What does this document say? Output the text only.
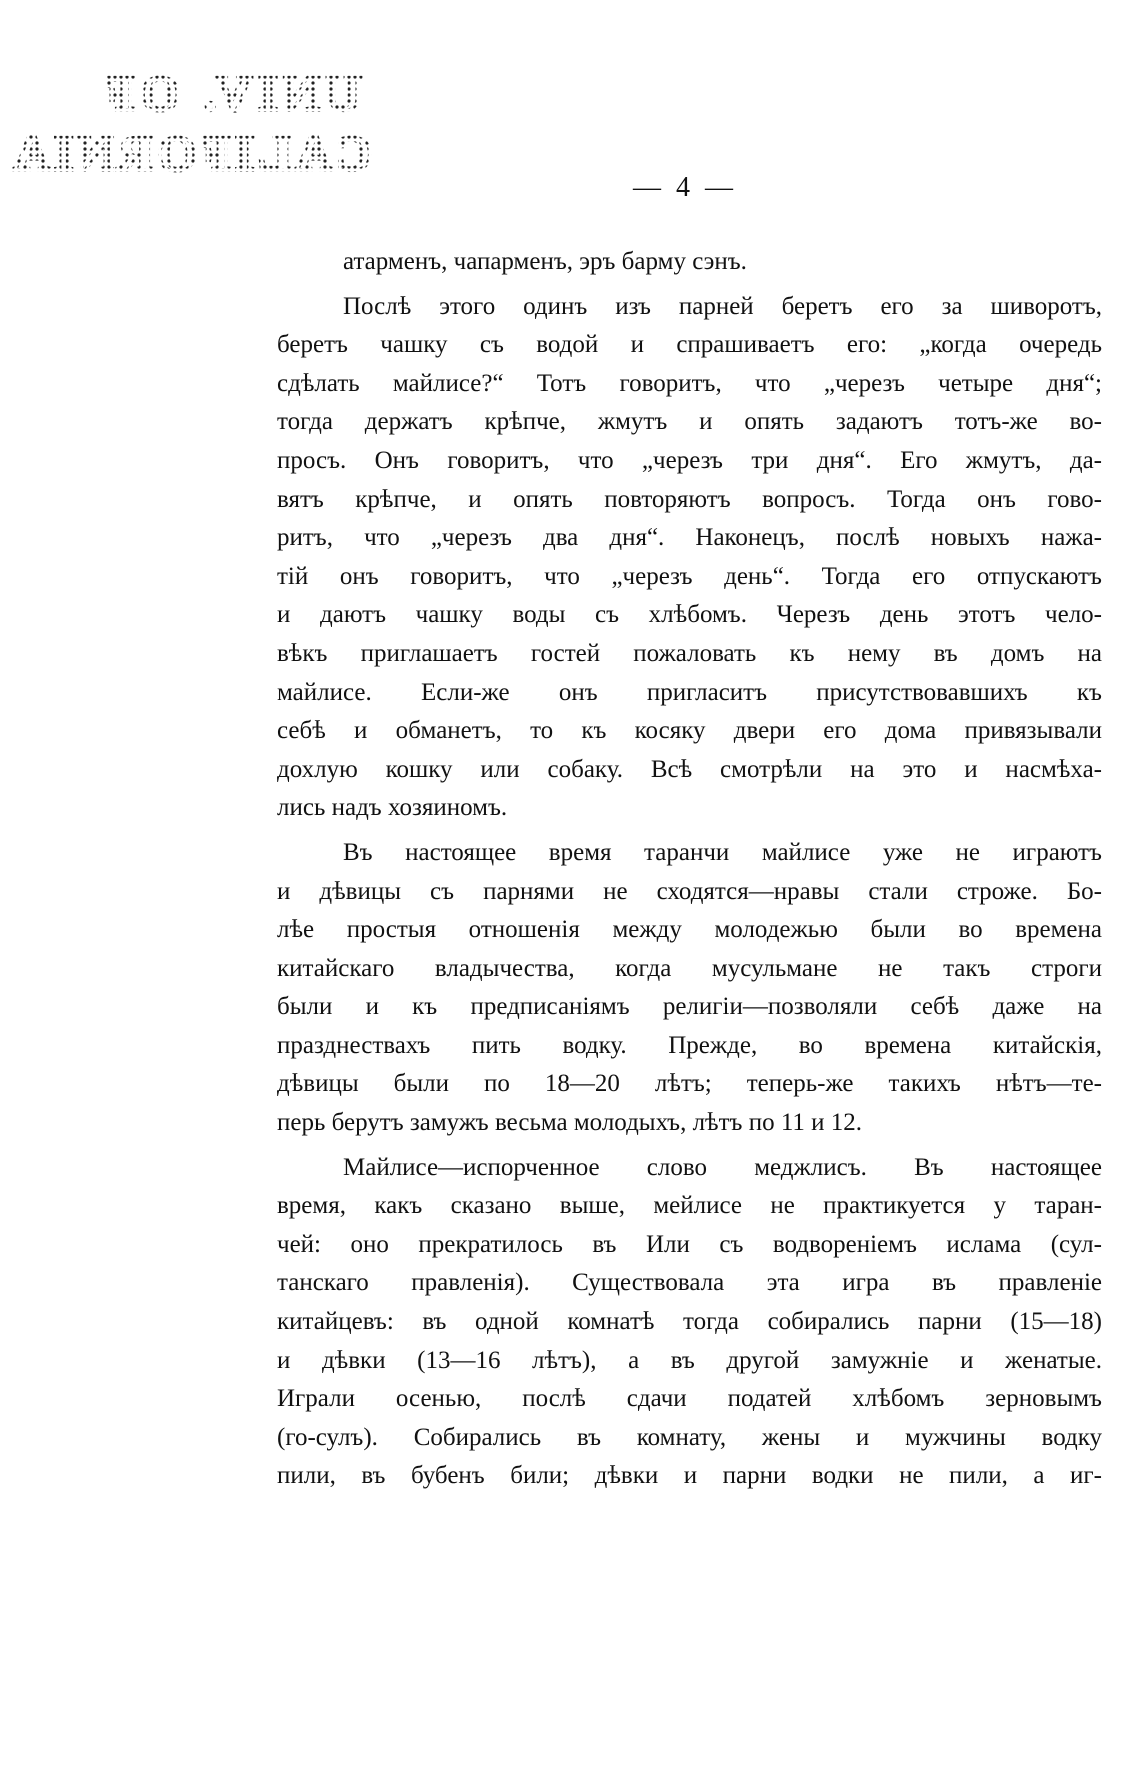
UNIV. OF
CALIFORNIA
— 4 —
атарменъ, чапарменъ, эръ барму сэнъ.
Послѣ этого одинъ изъ парней беретъ его за шиворотъ,
беретъ чашку съ водой и спрашиваетъ его: „когда очередь
сдѣлать майлисе?“ Тотъ говоритъ, что „черезъ четыре дня“;
тогда держатъ крѣпче, жмутъ и опять задаютъ тотъ-же во-
просъ. Онъ говоритъ, что „черезъ три дня“. Его жмутъ, да-
вятъ крѣпче, и опять повторяютъ вопросъ. Тогда онъ гово-
ритъ, что „черезъ два дня“. Наконецъ, послѣ новыхъ нажа-
тій онъ говоритъ, что „черезъ день“. Тогда его отпускаютъ
и даютъ чашку воды съ хлѣбомъ. Черезъ день этотъ чело-
вѣкъ приглашаетъ гостей пожаловать къ нему въ домъ на
майлисе. Если-же онъ пригласитъ присутствовавшихъ къ
себѣ и обманетъ, то къ косяку двери его дома привязывали
дохлую кошку или собаку. Всѣ смотрѣли на это и насмѣха-
лись надъ хозяиномъ.
Въ настоящее время таранчи майлисе уже не играютъ
и дѣвицы съ парнями не сходятся—нравы стали строже. Бо-
лѣе простыя отношенія между молодежью были во времена
китайскаго владычества, когда мусульмане не такъ строги
были и къ предписаніямъ религіи—позволяли себѣ даже на
празднествахъ пить водку. Прежде, во времена китайскія,
дѣвицы были по 18—20 лѣтъ; теперь-же такихъ нѣтъ—те-
перь берутъ замужъ весьма молодыхъ, лѣтъ по 11 и 12.
Майлисе—испорченное слово меджлисъ. Въ настоящее
время, какъ сказано выше, мейлисе не практикуется у таран-
чей: оно прекратилось въ Или съ водвореніемъ ислама (сул-
танскаго правленія). Существовала эта игра въ правленіе
китайцевъ: въ одной комнатѣ тогда собирались парни (15—18)
и дѣвки (13—16 лѣтъ), а въ другой замужніе и женатые.
Играли осенью, послѣ сдачи податей хлѣбомъ зерновымъ
(го-сулъ). Собирались въ комнату, жены и мужчины водку
пили, въ бубенъ били; дѣвки и парни водки не пили, а иг-
